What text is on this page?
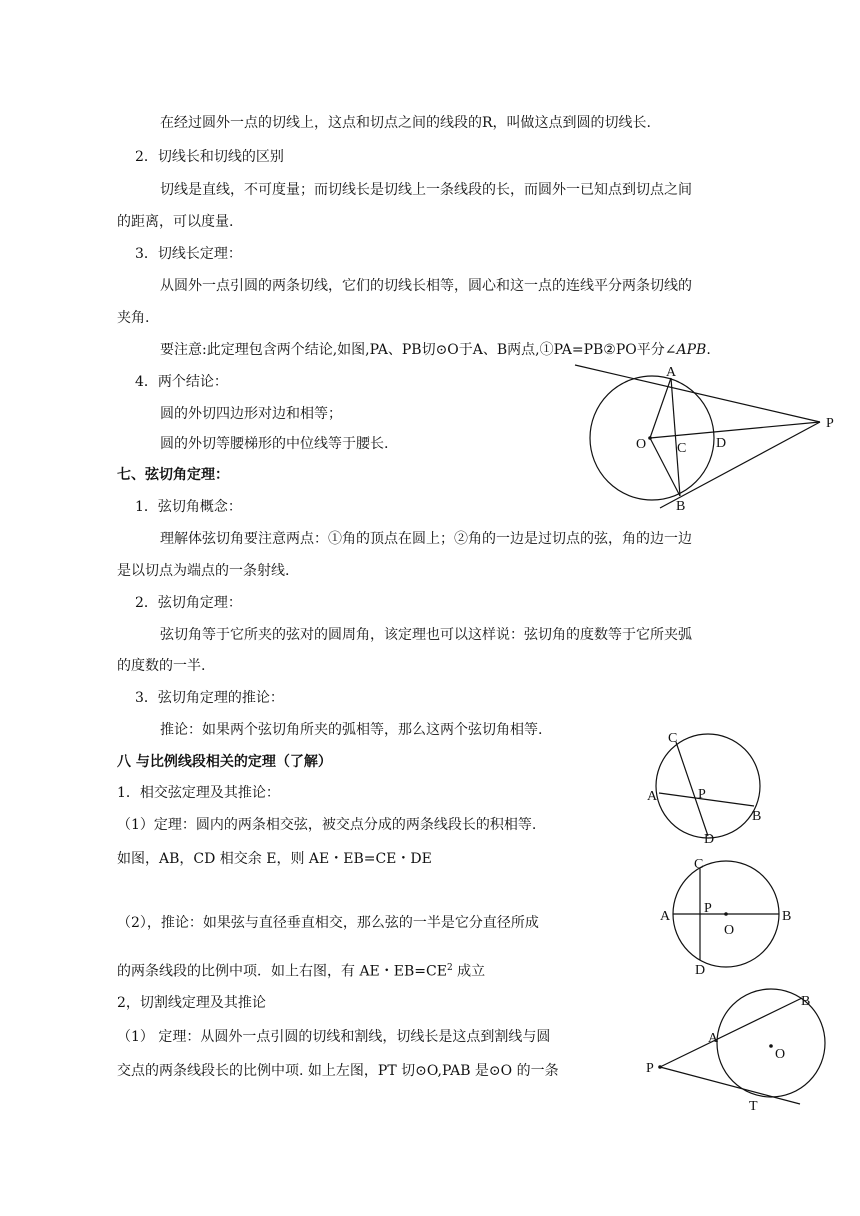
在经过圆外一点的切线上，这点和切点之间的线段的R，叫做这点到圆的切线长.
2．切线长和切线的区别
切线是直线，不可度量；而切线长是切线上一条线段的长，而圆外一已知点到切点之间
的距离，可以度量.
3．切线长定理：
从圆外一点引圆的两条切线，它们的切线长相等，圆心和这一点的连线平分两条切线的
夹角.
要注意:此定理包含两个结论,如图,PA、PB切⊙O于A、B两点,①PA=PB②PO平分∠APB.
4．两个结论：
圆的外切四边形对边和相等；
圆的外切等腰梯形的中位线等于腰长.
七、弦切角定理：
1．弦切角概念：
理解体弦切角要注意两点：①角的顶点在圆上；②角的一边是过切点的弦，角的边一边
是以切点为端点的一条射线.
2．弦切角定理：
弦切角等于它所夹的弦对的圆周角，该定理也可以这样说：弦切角的度数等于它所夹弧
的度数的一半.
3．弦切角定理的推论：
推论：如果两个弦切角所夹的弧相等，那么这两个弦切角相等.
八 与比例线段相关的定理（了解）
1．相交弦定理及其推论：
（1）定理：圆内的两条相交弦，被交点分成的两条线段长的积相等.
如图，AB，CD 相交余 E，则 AE・EB=CE・DE
（2），推论：如果弦与直径垂直相交，那么弦的一半是它分直径所成
的两条线段的比例中项．如上右图，有 AE・$EB=CE^2$ 成立
2，切割线定理及其推论
（1） 定理：从圆外一点引圆的切线和割线，切线长是这点到割线与圆
交点的两条线段长的比例中项. 如上左图，PT 切⊙O,PAB 是⊙O 的一条
A
B
C D
O
P
C
A	P
B
D
C
A
P
O
B
D
B
A
P
O
T
